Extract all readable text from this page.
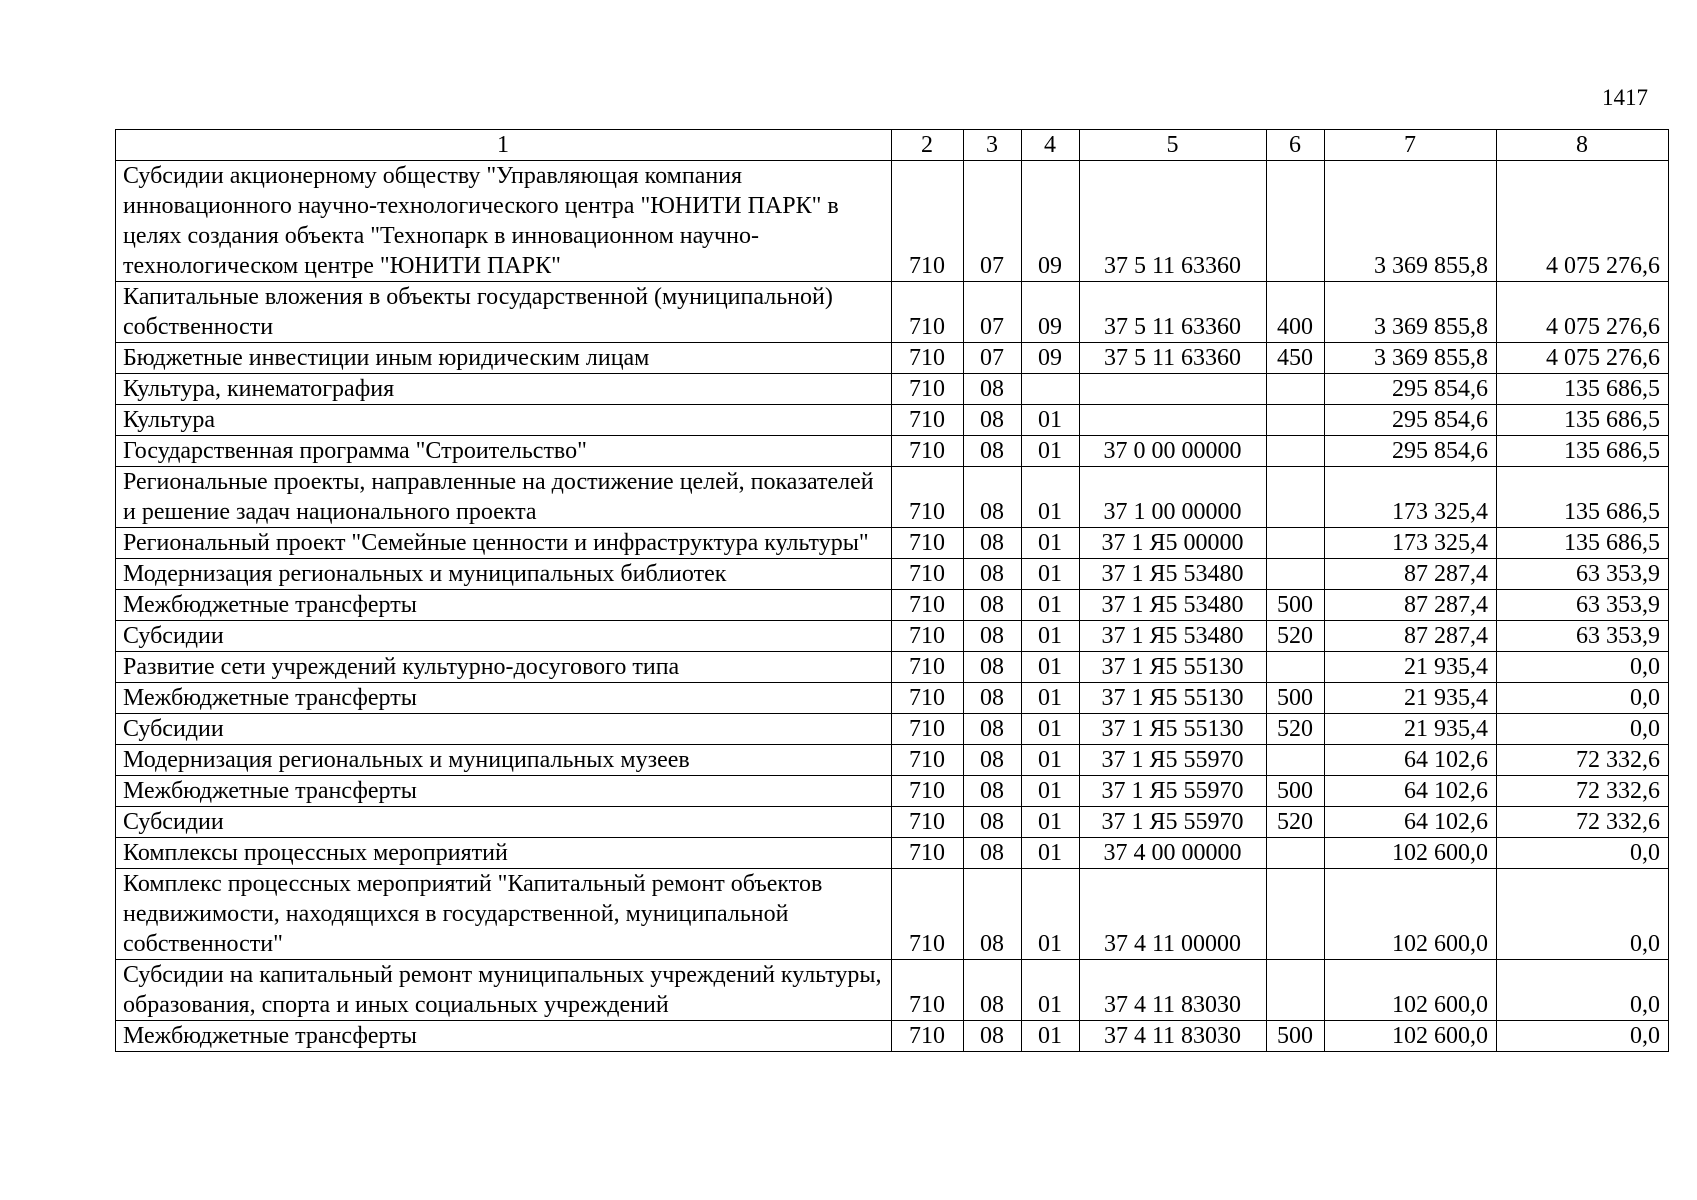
1417
1	2	3	4	5	6	7	8
Субсидии акционерному обществу "Управляющая компания инновационного научно-технологического центра "ЮНИТИ ПАРК" в целях создания объекта "Технопарк в инновационном научно-технологическом центре "ЮНИТИ ПАРК"	710	07	09	37 5 11 63360		3 369 855,8	4 075 276,6
Капитальные вложения в объекты государственной (муниципальной) собственности	710	07	09	37 5 11 63360	400	3 369 855,8	4 075 276,6
Бюджетные инвестиции иным юридическим лицам	710	07	09	37 5 11 63360	450	3 369 855,8	4 075 276,6
Культура, кинематография	710	08				295 854,6	135 686,5
Культура	710	08	01			295 854,6	135 686,5
Государственная программа "Строительство"	710	08	01	37 0 00 00000		295 854,6	135 686,5
Региональные проекты, направленные на достижение целей, показателей и решение задач национального проекта	710	08	01	37 1 00 00000		173 325,4	135 686,5
Региональный проект "Семейные ценности и инфраструктура культуры"	710	08	01	37 1 Я5 00000		173 325,4	135 686,5
Модернизация региональных и муниципальных библиотек	710	08	01	37 1 Я5 53480		87 287,4	63 353,9
Межбюджетные трансферты	710	08	01	37 1 Я5 53480	500	87 287,4	63 353,9
Субсидии	710	08	01	37 1 Я5 53480	520	87 287,4	63 353,9
Развитие сети учреждений культурно-досугового типа	710	08	01	37 1 Я5 55130		21 935,4	0,0
Межбюджетные трансферты	710	08	01	37 1 Я5 55130	500	21 935,4	0,0
Субсидии	710	08	01	37 1 Я5 55130	520	21 935,4	0,0
Модернизация региональных и муниципальных музеев	710	08	01	37 1 Я5 55970		64 102,6	72 332,6
Межбюджетные трансферты	710	08	01	37 1 Я5 55970	500	64 102,6	72 332,6
Субсидии	710	08	01	37 1 Я5 55970	520	64 102,6	72 332,6
Комплексы процессных мероприятий	710	08	01	37 4 00 00000		102 600,0	0,0
Комплекс процессных мероприятий "Капитальный ремонт объектов недвижимости, находящихся в государственной, муниципальной собственности"	710	08	01	37 4 11 00000		102 600,0	0,0
Субсидии на капитальный ремонт муниципальных учреждений культуры, образования, спорта и иных социальных учреждений	710	08	01	37 4 11 83030		102 600,0	0,0
Межбюджетные трансферты	710	08	01	37 4 11 83030	500	102 600,0	0,0
